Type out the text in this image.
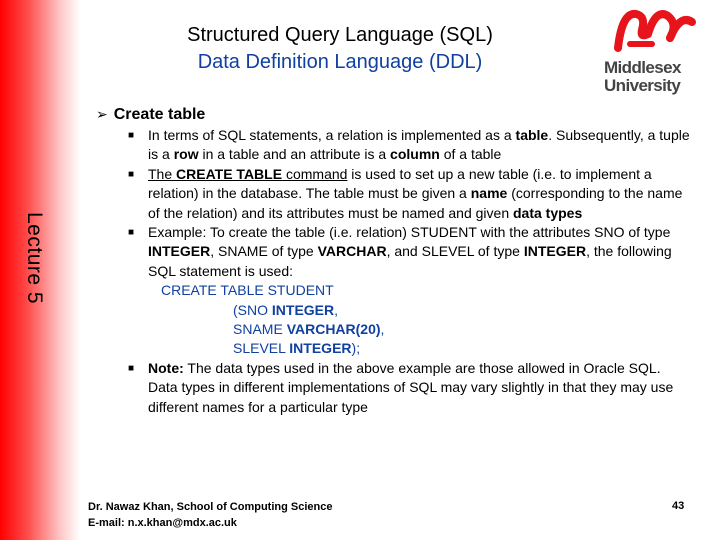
Lecture 5
Structured Query Language (SQL)
Data Definition Language (DDL)	Middlesex
University
➢ Create table

■ In terms of SQL statements, a relation is implemented as a table. Subsequently, a tuple is a row in a table and an attribute is a column of a table

■ The CREATE TABLE command is used to set up a new table (i.e. to implement a relation) in the database. The table must be given a name (corresponding to the name of the relation) and its attributes must be named and given data types

■ Example: To create the table (i.e. relation) STUDENT with the attributes SNO of type INTEGER, SNAME of type VARCHAR, and SLEVEL of type INTEGER, the following SQL statement is used:

CREATE TABLE STUDENT
(SNO INTEGER,
SNAME VARCHAR(20),
SLEVEL INTEGER);

■ Note: The data types used in the above example are those allowed in Oracle SQL. Data types in different implementations of SQL may vary slightly in that they may use different names for a particular type

Dr. Nawaz Khan, School of Computing Science
E-mail: n.x.khan@mdx.ac.uk
43
